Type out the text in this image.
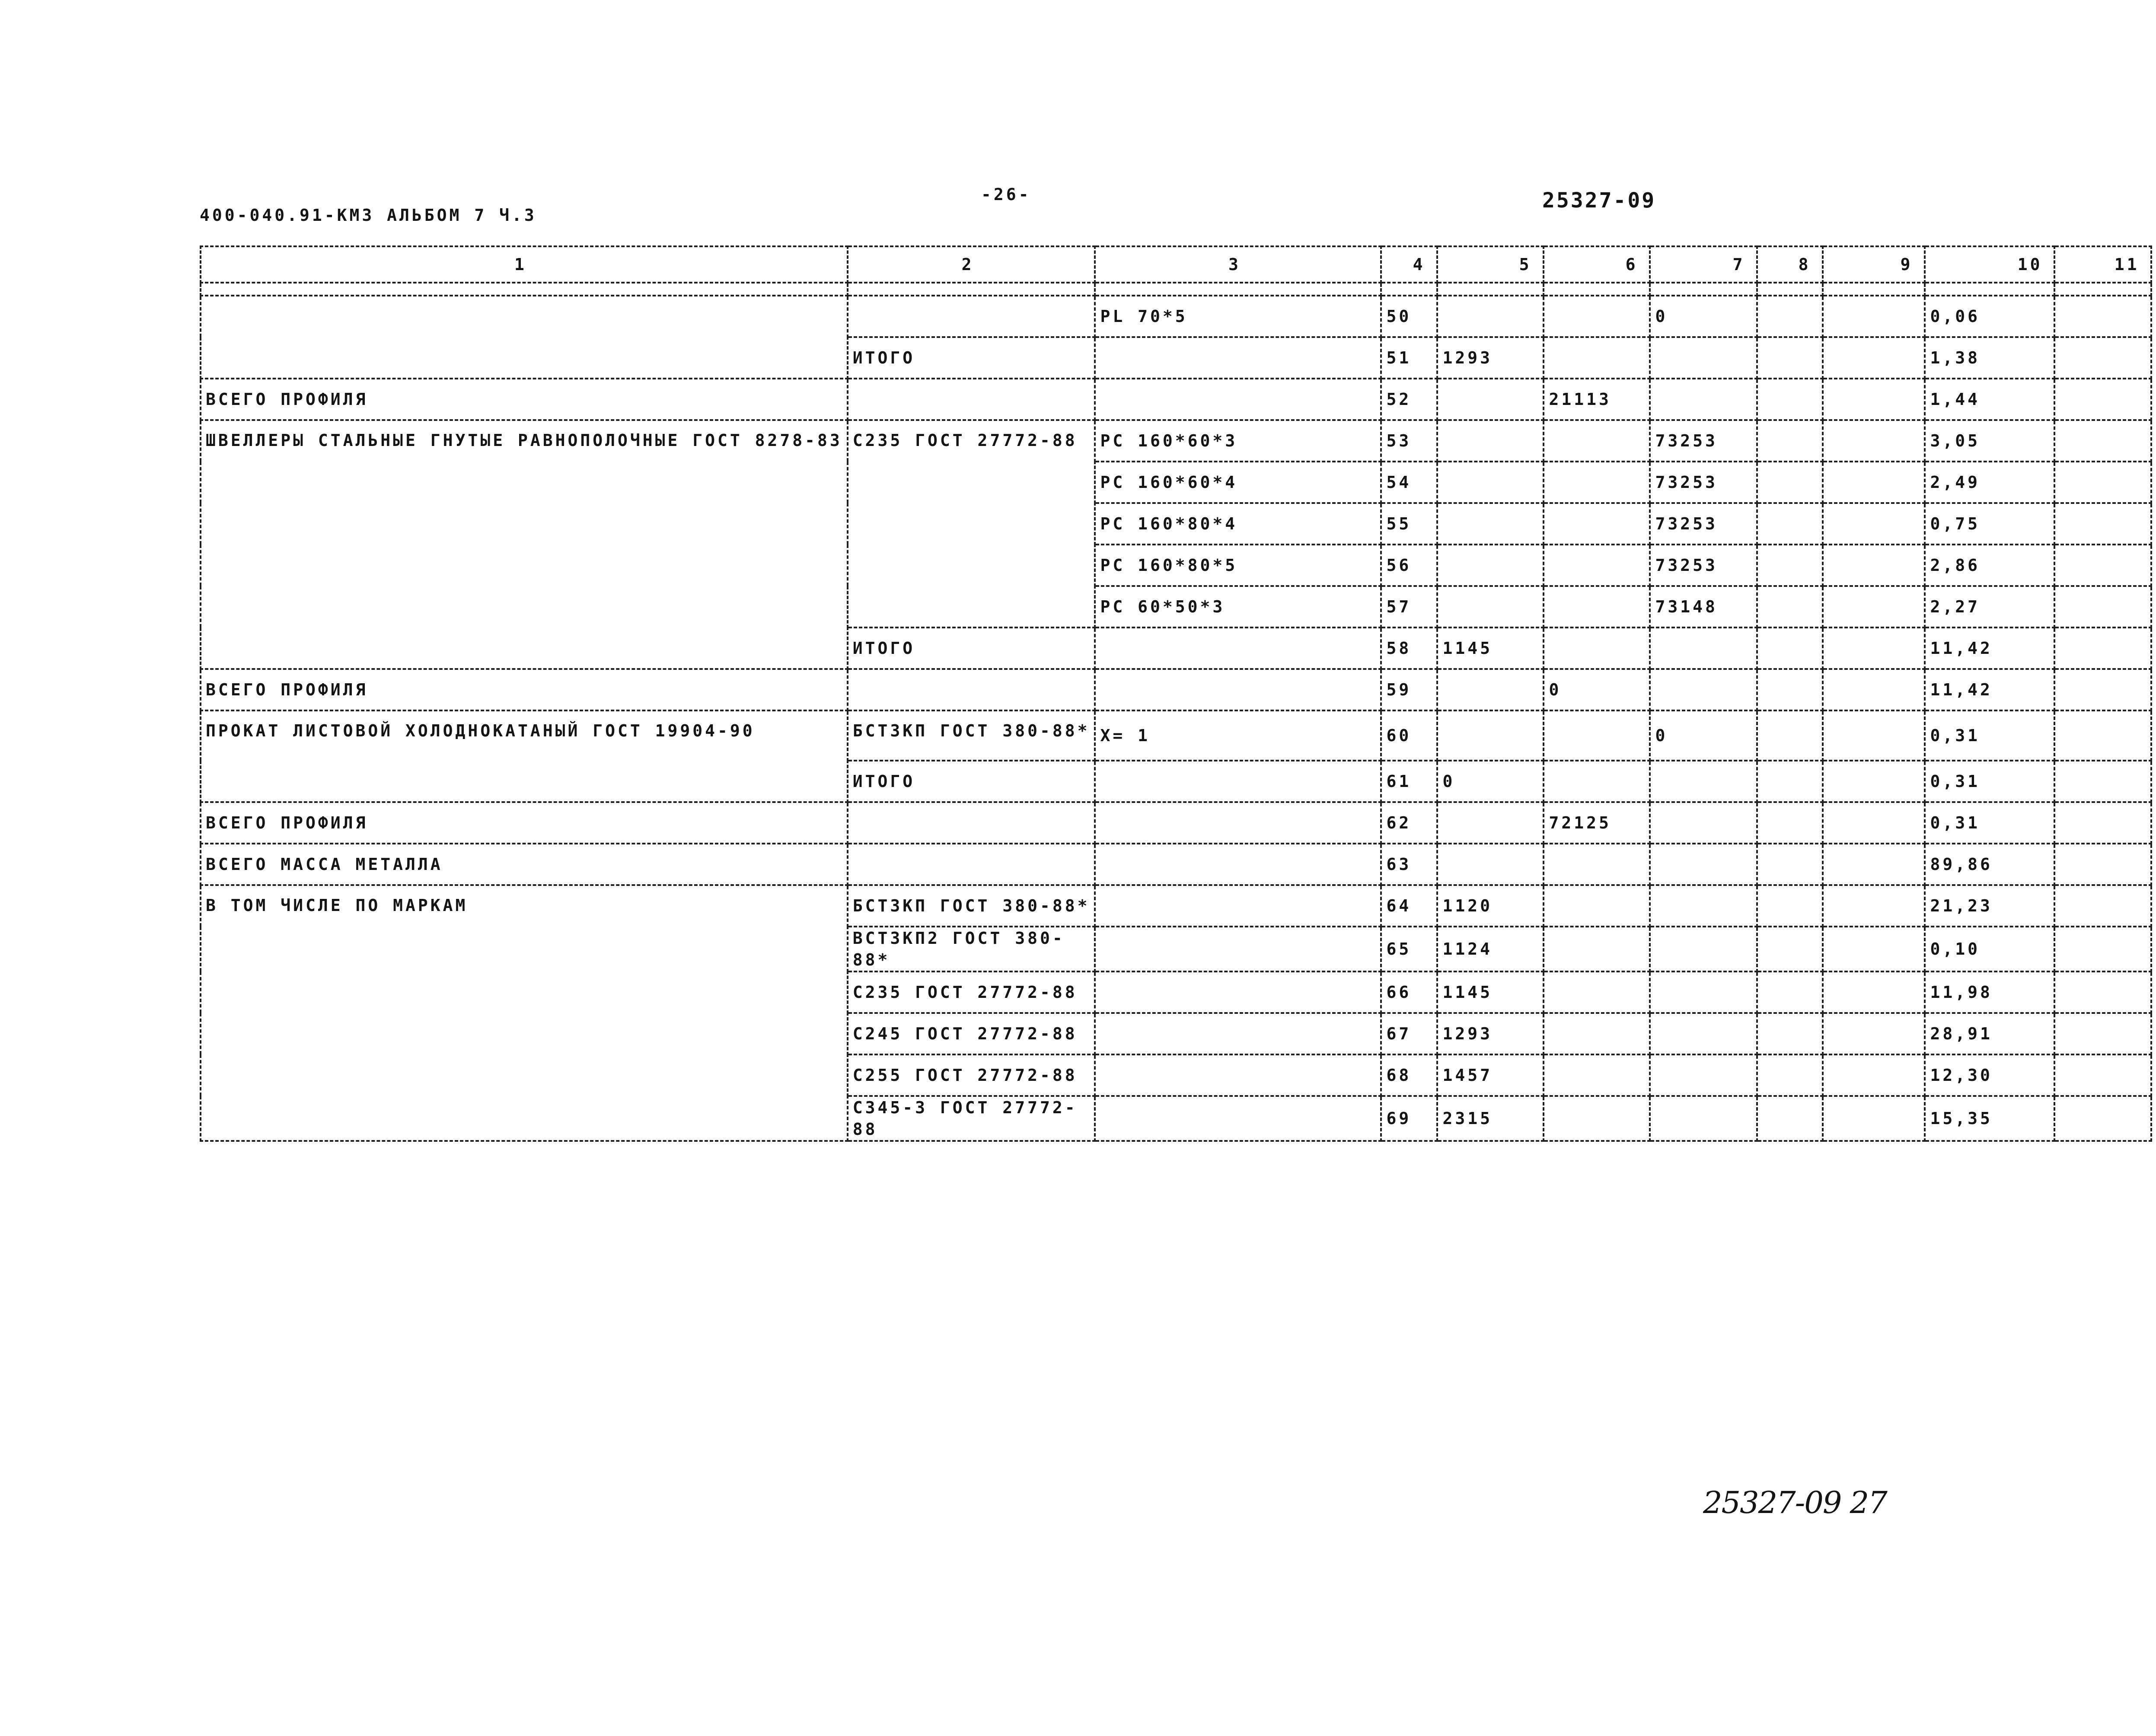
400-040.91-КМЗ АЛЬБОМ 7 Ч.3
-26-	25327-09
1	2	3	4	5	6	7	8	9	10	11

		PL 70*5	50			0			0,06	
	ИТОГО		51	1293					1,38	
ВСЕГО ПРОФИЛЯ			52		21113				1,44	
ШВЕЛЛЕРЫ СТАЛЬНЫЕ ГНУТЫЕ РАВНОПОЛОЧНЫЕ ГОСТ 8278-83	С235 ГОСТ 27772-88	PC 160*60*3	53			73253			3,05	
		PC 160*60*4	54			73253			2,49	
		PC 160*80*4	55			73253			0,75	
		PC 160*80*5	56			73253			2,86	
		PC 60*50*3	57			73148			2,27	
	ИТОГО		58	1145					11,42	
ВСЕГО ПРОФИЛЯ			59		0				11,42	
ПРОКАТ ЛИСТОВОЙ ХОЛОДНОКАТАНЫЙ ГОСТ 19904-90	БСТЗКП ГОСТ 380-88*	X= 1	60			0			0,31	
	ИТОГО		61	0					0,31	
ВСЕГО ПРОФИЛЯ			62		72125				0,31	
ВСЕГО МАССА МЕТАЛЛА			63						89,86	
В ТОМ ЧИСЛЕ ПО МАРКАМ	БСТЗКП ГОСТ 380-88*		64	1120					21,23	
	ВСТЗКП2 ГОСТ 380-88*		65	1124					0,10	
	С235 ГОСТ 27772-88		66	1145					11,98	
	С245 ГОСТ 27772-88		67	1293					28,91	
	С255 ГОСТ 27772-88		68	1457					12,30	
	С345-3 ГОСТ 27772-88		69	2315					15,35	
25327-09 27
